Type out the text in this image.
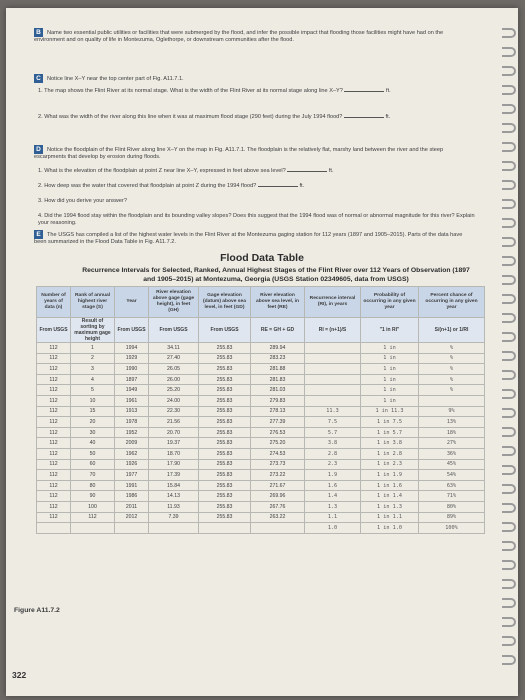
B Name two essential public utilities or facilities that were submerged by the flood, and infer the possible impact that flooding those facilities might have had on the environment and on quality of life in Montezuma, Oglethorpe, or downstream communities after the flood.
C Notice line X–Y near the top center part of Fig. A11.7.1.
1. The map shows the Flint River at its normal stage. What is the width of the Flint River at its normal stage along line X–Y?	ft.
2. What was the width of the river along this line when it was at maximum flood stage (290 feet) during the July 1994 flood?	ft.
D Notice the floodplain of the Flint River along line X–Y on the map in Fig. A11.7.1. The floodplain is the relatively flat, marshy land between the river and the steep escarpments that develop by erosion during floods.
1. What is the elevation of the floodplain at point Z near line X–Y, expressed in feet above sea level?	ft.
2. How deep was the water that covered that floodplain at point Z during the 1994 flood?	ft.
3. How did you derive your answer?
4. Did the 1994 flood stay within the floodplain and its bounding valley slopes? Does this suggest that the 1994 flood was of normal or abnormal magnitude for this river? Explain your reasoning.
E The USGS has compiled a list of the highest water levels in the Flint River at the Montezuma gaging station for 112 years (1897 and 1905–2015). Parts of the data have been summarized in the Flood Data Table in Fig. A11.7.2.
Flood Data Table
Recurrence Intervals for Selected, Ranked, Annual Highest Stages of the Flint River over 112 Years of Observation (1897 and 1905–2015) at Montezuma, Georgia (USGS Station 02349605, data from USGS)
Number of years of data (n)	Rank of annual highest river stage (S)	Year	River elevation above gage (gage height), in feet (GH)	Gage elevation (datum) above sea level, in feet (GD)	River elevation above sea level, in feet (RE)	Recurrence interval (RI), in years	Probability of occurring in any given year	Percent chance of occurring in any given year
From USGS	Result of sorting by maximum gage height	From USGS	From USGS	From USGS	RE = GH + GD	RI = (n+1)/S	"1 in RI"	S/(n+1) or 1/RI
112	1	1994	34.11	255.83	289.94		1 in	%
112	2	1929	27.40	255.83	283.23		1 in	%
112	3	1990	26.05	255.83	281.88		1 in	%
112	4	1897	26.00	255.83	281.83		1 in	%
112	5	1949	25.20	255.83	281.03		1 in	%
112	10	1961	24.00	255.83	279.83		1 in	
112	15	1913	22.30	255.83	278.13	11.3	1 in 11.3	9%
112	20	1978	21.56	255.83	277.39	7.5	1 in 7.5	13%
112	30	1952	20.70	255.83	276.53	5.7	1 in 5.7	18%
112	40	2009	19.37	255.83	275.20	3.8	1 in 3.8	27%
112	50	1962	18.70	255.83	274.53	2.8	1 in 2.8	36%
112	60	1926	17.90	255.83	273.73	2.3	1 in 2.3	45%
112	70	1977	17.39	255.83	273.22	1.9	1 in 1.9	54%
112	80	1991	15.84	255.83	271.67	1.6	1 in 1.6	63%
112	90	1986	14.13	255.83	269.96	1.4	1 in 1.4	71%
112	100	2011	11.93	255.83	267.76	1.3	1 in 1.3	80%
112	112	2012	7.39	255.83	263.22	1.1	1 in 1.1	89%
						1.0	1 in 1.0	100%
Figure A11.7.2
322
